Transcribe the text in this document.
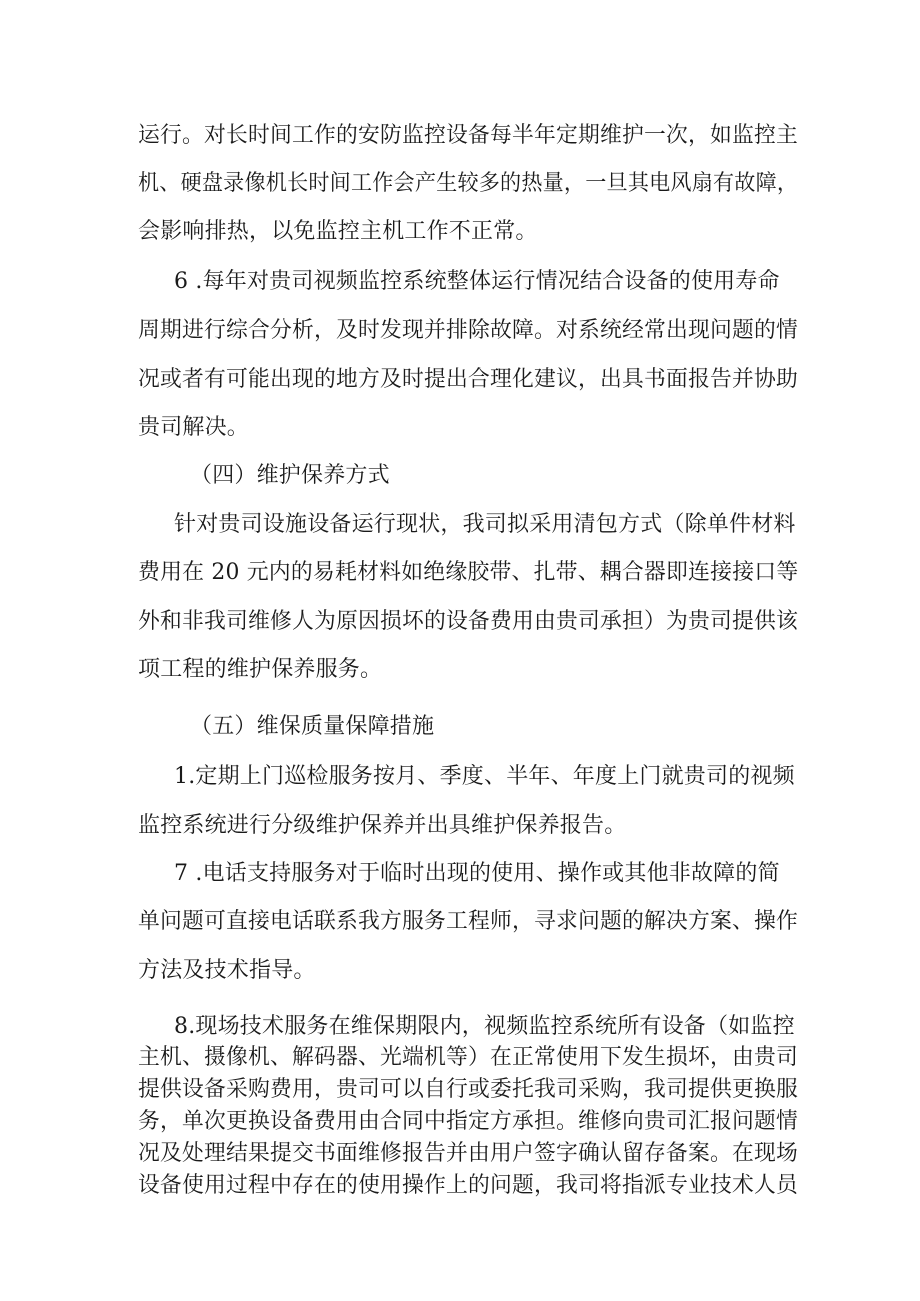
运行。对长时间工作的安防监控设备每半年定期维护一次，如监控主
机、硬盘录像机长时间工作会产生较多的热量，一旦其电风扇有故障，
会影响排热，以免监控主机工作不正常。
6 .每年对贵司视频监控系统整体运行情况结合设备的使用寿命
周期进行综合分析，及时发现并排除故障。对系统经常出现问题的情
况或者有可能出现的地方及时提出合理化建议，出具书面报告并协助
贵司解决。
（四）维护保养方式
针对贵司设施设备运行现状，我司拟采用清包方式（除单件材料
费用在 20 元内的易耗材料如绝缘胶带、扎带、耦合器即连接接口等
外和非我司维修人为原因损坏的设备费用由贵司承担）为贵司提供该
项工程的维护保养服务。
（五）维保质量保障措施
1.定期上门巡检服务按月、季度、半年、年度上门就贵司的视频
监控系统进行分级维护保养并出具维护保养报告。
7 .电话支持服务对于临时出现的使用、操作或其他非故障的简
单问题可直接电话联系我方服务工程师，寻求问题的解决方案、操作
方法及技术指导。
8.现场技术服务在维保期限内，视频监控系统所有设备（如监控
主机、摄像机、解码器、光端机等）在正常使用下发生损坏，由贵司
提供设备采购费用，贵司可以自行或委托我司采购，我司提供更换服
务，单次更换设备费用由合同中指定方承担。维修向贵司汇报问题情
况及处理结果提交书面维修报告并由用户签字确认留存备案。在现场
设备使用过程中存在的使用操作上的问题，我司将指派专业技术人员
